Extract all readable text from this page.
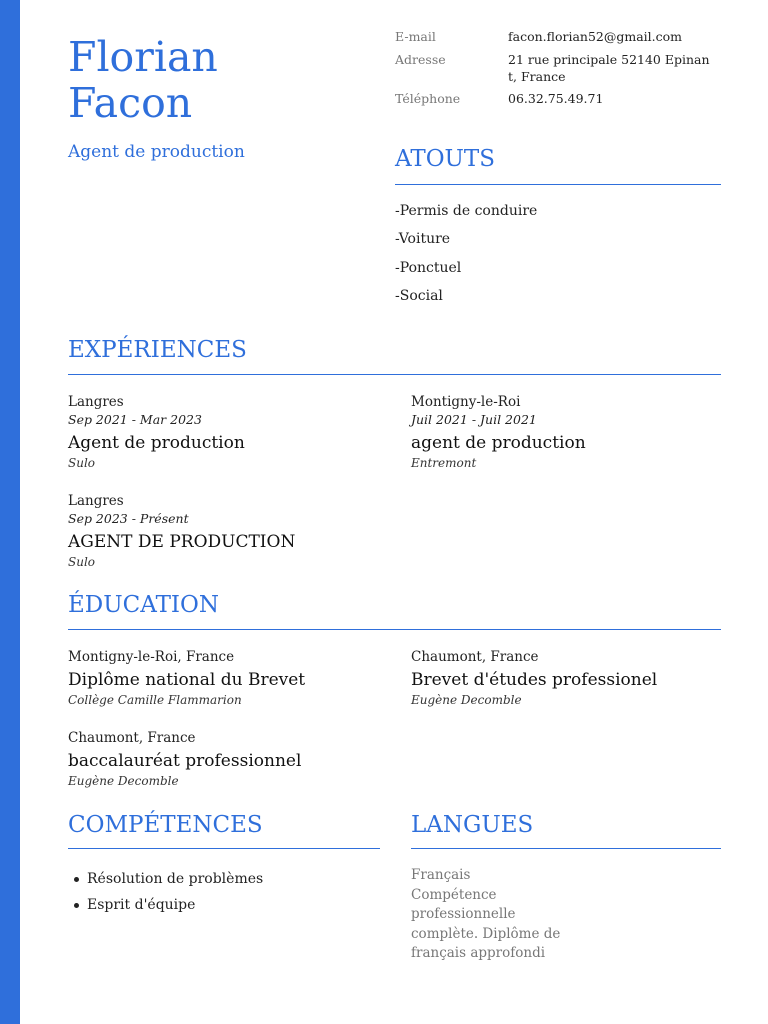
Florian
Facon
Agent de production
E-mail	facon.florian52@gmail.com
Adresse	21 rue principale 52140 Epinant, France
Téléphone	06.32.75.49.71
ATOUTS
-Permis de conduire
-Voiture
-Ponctuel
-Social
EXPÉRIENCES
Langres
Sep 2021 - Mar 2023
Agent de production
Sulo
Montigny-le-Roi
Juil 2021 - Juil 2021
agent de production
Entremont
Langres
Sep 2023 - Présent
AGENT DE PRODUCTION
Sulo
ÉDUCATION
Montigny-le-Roi, France
Diplôme national du Brevet
Collège Camille Flammarion
Chaumont, France
Brevet d'études professionel
Eugène Decomble
Chaumont, France
baccalauréat professionnel
Eugène Decomble
COMPÉTENCES
Résolution de problèmes
Esprit d'équipe
LANGUES
Français
Compétence professionnelle complète. Diplôme de français approfondi
